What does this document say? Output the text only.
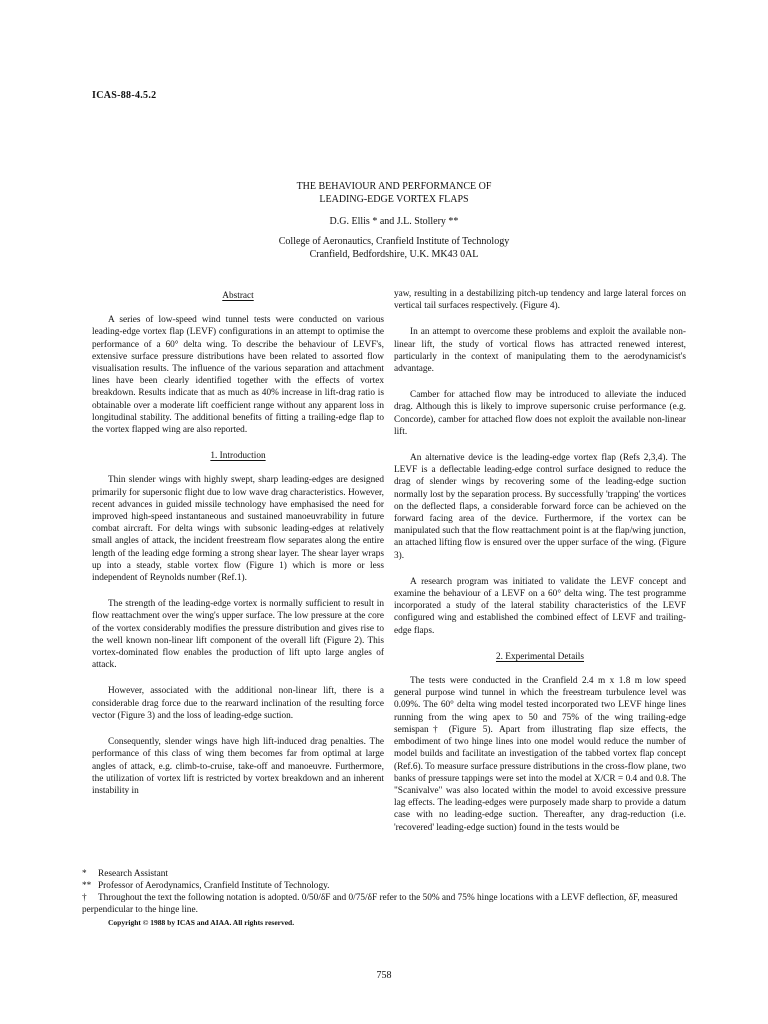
ICAS-88-4.5.2
THE BEHAVIOUR AND PERFORMANCE OF
LEADING-EDGE VORTEX FLAPS
D.G. Ellis * and J.L. Stollery **
College of Aeronautics, Cranfield Institute of Technology
Cranfield, Bedfordshire, U.K. MK43 0AL
Abstract

A series of low-speed wind tunnel tests were conducted on various leading-edge vortex flap (LEVF) configurations in an attempt to optimise the performance of a 60° delta wing. To describe the behaviour of LEVF's, extensive surface pressure distributions have been related to assorted flow visualisation results. The influence of the various separation and attachment lines have been clearly identified together with the effects of vortex breakdown. Results indicate that as much as 40% increase in lift-drag ratio is obtainable over a moderate lift coefficient range without any apparent loss in longitudinal stability. The additional benefits of fitting a trailing-edge flap to the vortex flapped wing are also reported.

1. Introduction

Thin slender wings with highly swept, sharp leading-edges are designed primarily for supersonic flight due to low wave drag characteristics. However, recent advances in guided missile technology have emphasised the need for improved high-speed instantaneous and sustained manoeuvrability in future combat aircraft. For delta wings with subsonic leading-edges at relatively small angles of attack, the incident freestream flow separates along the entire length of the leading edge forming a strong shear layer. The shear layer wraps up into a steady, stable vortex flow (Figure 1) which is more or less independent of Reynolds number (Ref.1).

The strength of the leading-edge vortex is normally sufficient to result in flow reattachment over the wing's upper surface. The low pressure at the core of the vortex considerably modifies the pressure distribution and gives rise to the well known non-linear lift component of the overall lift (Figure 2). This vortex-dominated flow enables the production of lift upto large angles of attack.

However, associated with the additional non-linear lift, there is a considerable drag force due to the rearward inclination of the resulting force vector (Figure 3) and the loss of leading-edge suction.

Consequently, slender wings have high lift-induced drag penalties. The performance of this class of wing them becomes far from optimal at large angles of attack, e.g. climb-to-cruise, take-off and manoeuvre. Furthermore, the utilization of vortex lift is restricted by vortex breakdown and an inherent instability in

yaw, resulting in a destabilizing pitch-up tendency and large lateral forces on vertical tail surfaces respectively. (Figure 4).

In an attempt to overcome these problems and exploit the available non-linear lift, the study of vortical flows has attracted renewed interest, particularly in the context of manipulating them to the aerodynamicist's advantage.

Camber for attached flow may be introduced to alleviate the induced drag. Although this is likely to improve supersonic cruise performance (e.g. Concorde), camber for attached flow does not exploit the available non-linear lift.

An alternative device is the leading-edge vortex flap (Refs 2,3,4). The LEVF is a deflectable leading-edge control surface designed to reduce the drag of slender wings by recovering some of the leading-edge suction normally lost by the separation process. By successfully 'trapping' the vortices on the deflected flaps, a considerable forward force can be achieved on the forward facing area of the device. Furthermore, if the vortex can be manipulated such that the flow reattachment point is at the flap/wing junction, an attached lifting flow is ensured over the upper surface of the wing. (Figure 3).

A research program was initiated to validate the LEVF concept and examine the behaviour of a LEVF on a 60° delta wing. The test programme incorporated a study of the lateral stability characteristics of the LEVF configured wing and established the combined effect of LEVF and trailing-edge flaps.

2. Experimental Details

The tests were conducted in the Cranfield 2.4 m x 1.8 m low speed general purpose wind tunnel in which the freestream turbulence level was 0.09%. The 60° delta wing model tested incorporated two LEVF hinge lines running from the wing apex to 50 and 75% of the wing trailing-edge semispan† (Figure 5). Apart from illustrating flap size effects, the embodiment of two hinge lines into one model would reduce the number of model builds and facilitate an investigation of the tabbed vortex flap concept (Ref.6). To measure surface pressure distributions in the cross-flow plane, two banks of pressure tappings were set into the model at X/CR = 0.4 and 0.8. The "Scanivalve" was also located within the model to avoid excessive pressure lag effects. The leading-edges were purposely made sharp to provide a datum case with no leading-edge suction. Thereafter, any drag-reduction (i.e. 'recovered' leading-edge suction) found in the tests would be

* Research Assistant
** Professor of Aerodynamics, Cranfield Institute of Technology.
† Throughout the text the following notation is adopted. 0/50/δF and 0/75/δF refer to the 50% and 75% hinge locations with a LEVF deflection, δF, measured perpendicular to the hinge line.
Copyright © 1988 by ICAS and AIAA. All rights reserved.
758
